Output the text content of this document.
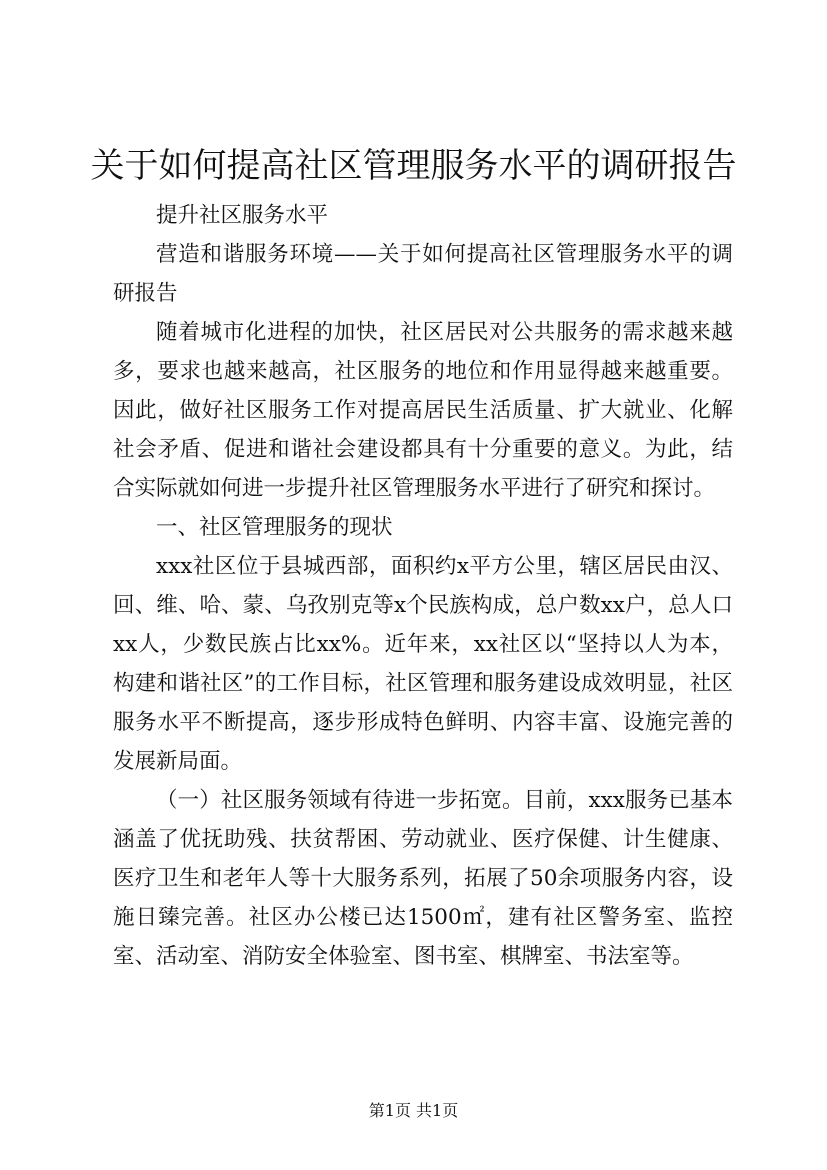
关于如何提高社区管理服务水平的调研报告

提升社区服务水平

营造和谐服务环境——关于如何提高社区管理服务水平的调研报告

随着城市化进程的加快，社区居民对公共服务的需求越来越多，要求也越来越高，社区服务的地位和作用显得越来越重要。因此，做好社区服务工作对提高居民生活质量、扩大就业、化解社会矛盾、促进和谐社会建设都具有十分重要的意义。为此，结合实际就如何进一步提升社区管理服务水平进行了研究和探讨。

一、社区管理服务的现状

xxx社区位于县城西部，面积约x平方公里，辖区居民由汉、回、维、哈、蒙、乌孜别克等x个民族构成，总户数xx户，总人口xx人，少数民族占比xx%。近年来，xx社区以“坚持以人为本，构建和谐社区”的工作目标，社区管理和服务建设成效明显，社区服务水平不断提高，逐步形成特色鲜明、内容丰富、设施完善的发展新局面。

（一）社区服务领域有待进一步拓宽。目前，xxx服务已基本涵盖了优抚助残、扶贫帮困、劳动就业、医疗保健、计生健康、医疗卫生和老年人等十大服务系列，拓展了50余项服务内容，设施日臻完善。社区办公楼已达1500㎡，建有社区警务室、监控室、活动室、消防安全体验室、图书室、棋牌室、书法室等。

第1页 共1页
